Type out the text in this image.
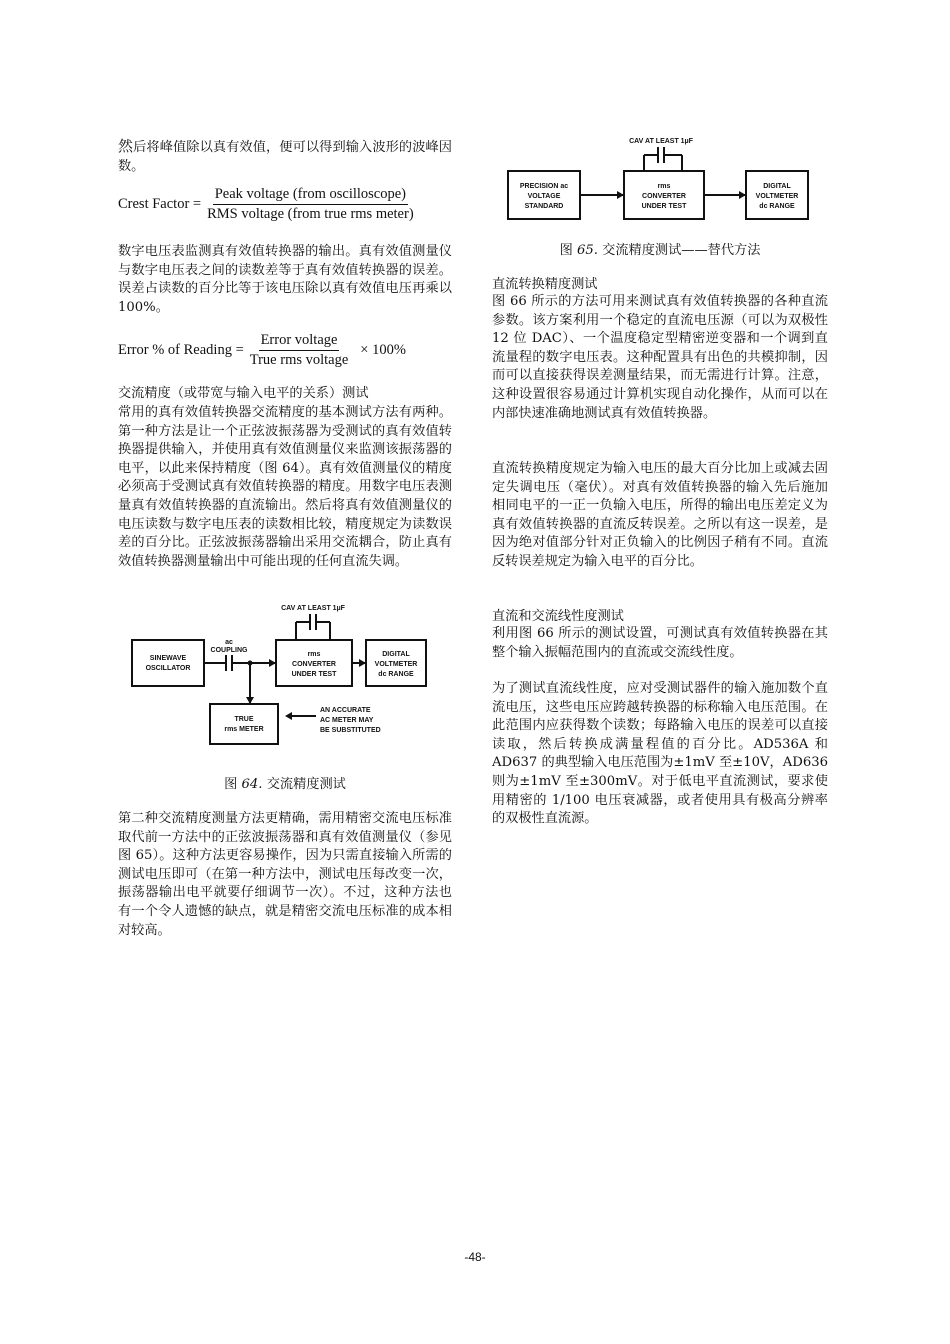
然后将峰值除以真有效值，便可以得到输入波形的波峰因数。

Crest Factor = $\frac{\text{Peak voltage (from oscilloscope)}}{\text{RMS voltage (from true rms meter)}}$

数字电压表监测真有效值转换器的输出。真有效值测量仪与数字电压表之间的读数差等于真有效值转换器的误差。误差占读数的百分比等于该电压除以真有效值电压再乘以 100%。

Error % of Reading = $\frac{\text{Error voltage}}{\text{True rms voltage}} \times 100\%$

交流精度（或带宽与输入电平的关系）测试

常用的真有效值转换器交流精度的基本测试方法有两种。第一种方法是让一个正弦波振荡器为受测试的真有效值转换器提供输入，并使用真有效值测量仪来监测该振荡器的电平，以此来保持精度（图 64）。真有效值测量仪的精度必须高于受测试真有效值转换器的精度。用数字电压表测量真有效值转换器的直流输出。然后将真有效值测量仪的电压读数与数字电压表的读数相比较，精度规定为读数误差的百分比。正弦波振荡器输出采用交流耦合，防止真有效值转换器测量输出中可能出现的任何直流失调。

CAV AT LEAST 1µF
ac
COUPLING
SINEWAVE
OSCILLATOR
rms
CONVERTER
UNDER TEST
DIGITAL
VOLTMETER
dc RANGE
TRUE
rms METER
AN ACCURATE
AC METER MAY
BE SUBSTITUTED
图 64. 交流精度测试

第二种交流精度测量方法更精确，需用精密交流电压标准取代前一方法中的正弦波振荡器和真有效值测量仪（参见图 65）。这种方法更容易操作，因为只需直接输入所需的测试电压即可（在第一种方法中，测试电压每改变一次，振荡器输出电平就要仔细调节一次）。不过，这种方法也有一个令人遗憾的缺点，就是精密交流电压标准的成本相对较高。

CAV AT LEAST 1µF
PRECISION ac
VOLTAGE
STANDARD
rms
CONVERTER
UNDER TEST
DIGITAL
VOLTMETER
dc RANGE
图 65. 交流精度测试——替代方法

直流转换精度测试

图 66 所示的方法可用来测试真有效值转换器的各种直流参数。该方案利用一个稳定的直流电压源（可以为双极性 12 位 DAC）、一个温度稳定型精密逆变器和一个调到直流量程的数字电压表。这种配置具有出色的共模抑制，因而可以直接获得误差测量结果，而无需进行计算。注意，这种设置很容易通过计算机实现自动化操作，从而可以在内部快速准确地测试真有效值转换器。

直流转换精度规定为输入电压的最大百分比加上或减去固定失调电压（毫伏）。对真有效值转换器的输入先后施加相同电平的一正一负输入电压，所得的输出电压差定义为真有效值转换器的直流反转误差。之所以有这一误差，是因为绝对值部分针对正负输入的比例因子稍有不同。直流反转误差规定为输入电平的百分比。

直流和交流线性度测试

利用图 66 所示的测试设置，可测试真有效值转换器在其整个输入振幅范围内的直流或交流线性度。

为了测试直流线性度，应对受测试器件的输入施加数个直流电压，这些电压应跨越转换器的标称输入电压范围。在此范围内应获得数个读数；每路输入电压的误差可以直接读取，然后转换成满量程值的百分比。AD536A 和 AD637 的典型输入电压范围为±1mV 至±10V，AD636 则为±1mV 至±300mV。对于低电平直流测试，要求使用精密的 1/100 电压衰减器，或者使用具有极高分辨率的双极性直流源。

-48-
